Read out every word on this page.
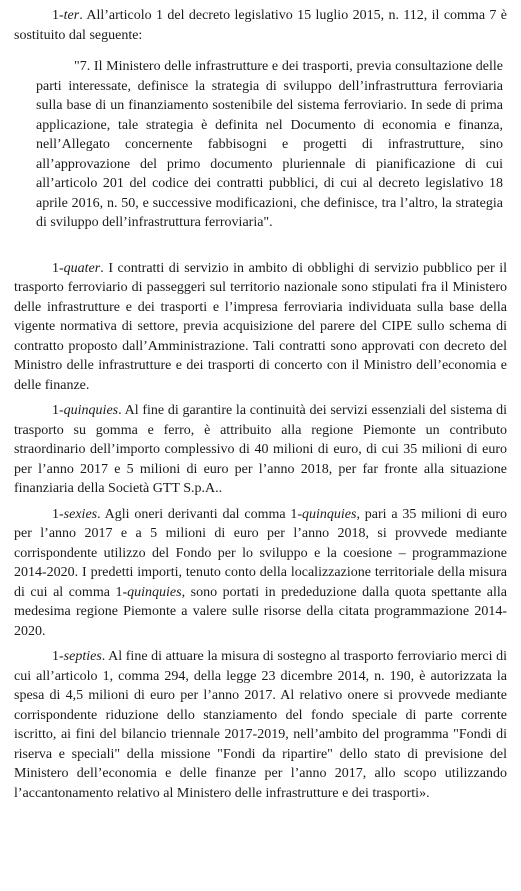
1-ter. All’articolo 1 del decreto legislativo 15 luglio 2015, n. 112, il comma 7 è sostituito dal seguente:

"7. Il Ministero delle infrastrutture e dei trasporti, previa consultazione delle parti interessate, definisce la strategia di sviluppo dell’infrastruttura ferroviaria sulla base di un finanziamento sostenibile del sistema ferroviario. In sede di prima applicazione, tale strategia è definita nel Documento di economia e finanza, nell’Allegato concernente fabbisogni e progetti di infrastrutture, sino all’approvazione del primo documento pluriennale di pianificazione di cui all’articolo 201 del codice dei contratti pubblici, di cui al decreto legislativo 18 aprile 2016, n. 50, e successive modificazioni, che definisce, tra l’altro, la strategia di sviluppo dell’infrastruttura ferroviaria".

1-quater. I contratti di servizio in ambito di obblighi di servizio pubblico per il trasporto ferroviario di passeggeri sul territorio nazionale sono stipulati fra il Ministero delle infrastrutture e dei trasporti e l’impresa ferroviaria individuata sulla base della vigente normativa di settore, previa acquisizione del parere del CIPE sullo schema di contratto proposto dall’Amministrazione. Tali contratti sono approvati con decreto del Ministro delle infrastrutture e dei trasporti di concerto con il Ministro dell’economia e delle finanze.

1-quinquies. Al fine di garantire la continuità dei servizi essenziali del sistema di trasporto su gomma e ferro, è attribuito alla regione Piemonte un contributo straordinario dell’importo complessivo di 40 milioni di euro, di cui 35 milioni di euro per l’anno 2017 e 5 milioni di euro per l’anno 2018, per far fronte alla situazione finanziaria della Società GTT S.p.A..

1-sexies. Agli oneri derivanti dal comma 1-quinquies, pari a 35 milioni di euro per l’anno 2017 e a 5 milioni di euro per l’anno 2018, si provvede mediante corrispondente utilizzo del Fondo per lo sviluppo e la coesione – programmazione 2014-2020. I predetti importi, tenuto conto della localizzazione territoriale della misura di cui al comma 1-quinquies, sono portati in prededuzione dalla quota spettante alla medesima regione Piemonte a valere sulle risorse della citata programmazione 2014-2020.

1-septies. Al fine di attuare la misura di sostegno al trasporto ferroviario merci di cui all’articolo 1, comma 294, della legge 23 dicembre 2014, n. 190, è autorizzata la spesa di 4,5 milioni di euro per l’anno 2017. Al relativo onere si provvede mediante corrispondente riduzione dello stanziamento del fondo speciale di parte corrente iscritto, ai fini del bilancio triennale 2017-2019, nell’ambito del programma "Fondi di riserva e speciali" della missione "Fondi da ripartire" dello stato di previsione del Ministero dell’economia e delle finanze per l’anno 2017, allo scopo utilizzando l’accantonamento relativo al Ministero delle infrastrutture e dei trasporti».
